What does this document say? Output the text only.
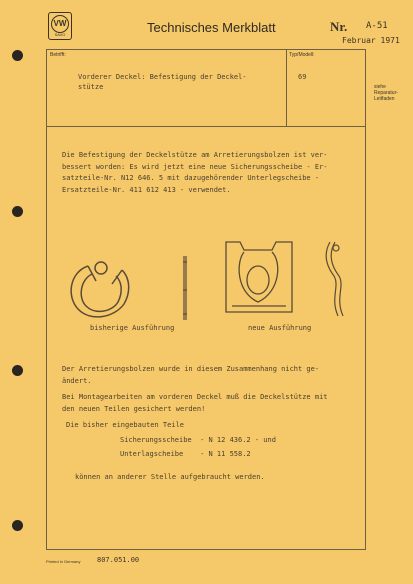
VW
SAVO	Technisches Merkblatt	Nr. A-51
Februar 1971
Betrifft:
Vorderer Deckel: Befestigung der Deckel-
stütze
Typ/Modell:
69
siehe
Reparatur-
Leitfaden
Die Befestigung der Deckelstütze am Arretierungsbolzen ist ver-
bessert worden: Es wird jetzt eine neue Sicherungsscheibe - Er-
satzteile-Nr. N12 646. 5 mit dazugehörender Unterlegscheibe -
Ersatzteile-Nr. 411 612 413 - verwendet.
bisherige Ausführung	neue Ausführung
Der Arretierungsbolzen wurde in diesem Zusammenhang nicht ge-
ändert.
Bei Montagearbeiten am vorderen Deckel muß die Deckelstütze mit
den neuen Teilen gesichert werden!
Die bisher eingebauten Teile
Sicherungsscheibe  - N 12 436.2 - und
Unterlagscheibe    - N 11 558.2
können an anderer Stelle aufgebraucht werden.
Printed in Germany 807.051.00
